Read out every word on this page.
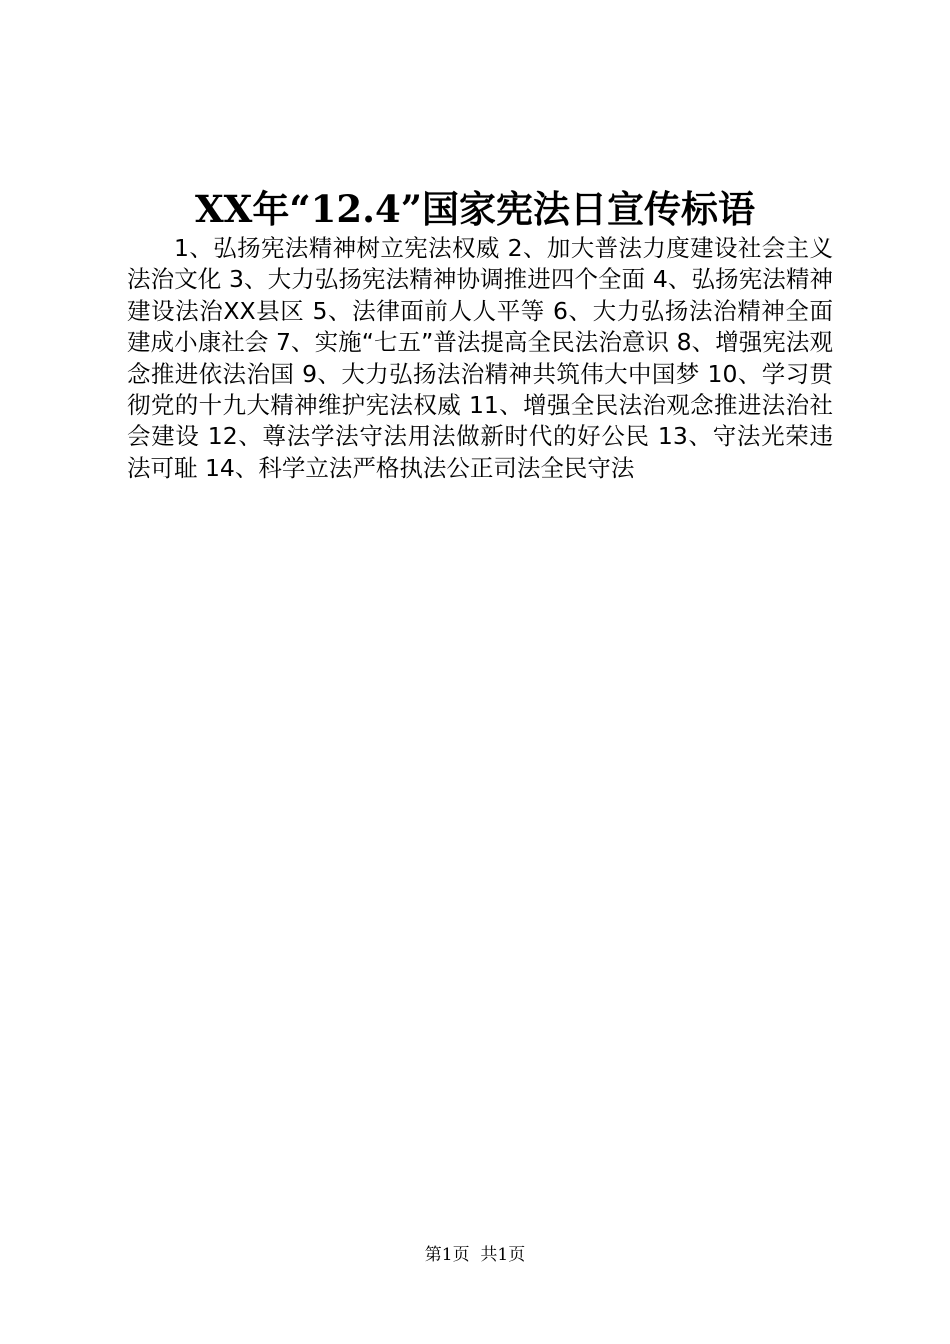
XX年“12.4”国家宪法日宣传标语

1、弘扬宪法精神树立宪法权威 2、加大普法力度建设社会主义法治文化 3、大力弘扬宪法精神协调推进四个全面 4、弘扬宪法精神建设法治XX县区 5、法律面前人人平等 6、大力弘扬法治精神全面建成小康社会 7、实施“七五”普法提高全民法治意识 8、增强宪法观念推进依法治国 9、大力弘扬法治精神共筑伟大中国梦 10、学习贯彻党的十九大精神维护宪法权威 11、增强全民法治观念推进法治社会建设 12、尊法学法守法用法做新时代的好公民 13、守法光荣违法可耻 14、科学立法严格执法公正司法全民守法

第1页  共1页
